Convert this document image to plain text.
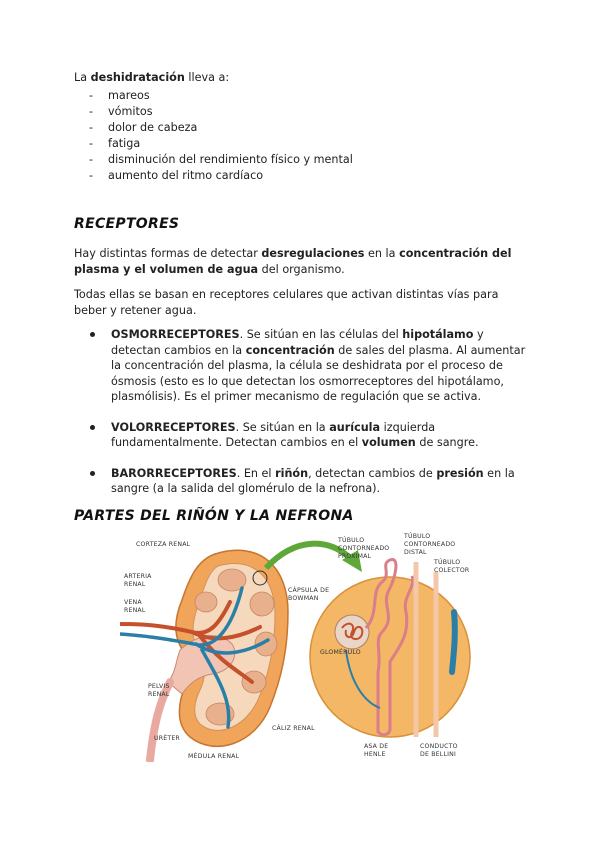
La deshidratación lleva a:

- mareos
- vómitos
- dolor de cabeza
- fatiga
- disminución del rendimiento físico y mental
- aumento del ritmo cardíaco
RECEPTORES

Hay distintas formas de detectar desregulaciones en la concentración del plasma y el volumen de agua del organismo.

Todas ellas se basan en receptores celulares que activan distintas vías para beber y retener agua.

OSMORRECEPTORES. Se sitúan en las células del hipotálamo y detectan cambios en la concentración de sales del plasma. Al aumentar la concentración del plasma, la célula se deshidrata por el proceso de ósmosis (esto es lo que detectan los osmorreceptores del hipotálamo, plasmólisis). Es el primer mecanismo de regulación que se activa.
VOLORRECEPTORES. Se sitúan en la aurícula izquierda fundamentalmente. Detectan cambios en el volumen de sangre.
BARORRECEPTORES. En el riñón, detectan cambios de presión en la sangre (a la salida del glomérulo de la nefrona).
PARTES DEL RIÑÓN Y LA NEFRONA
CORTEZA RENAL
ARTERIA
RENAL
VENA
RENAL
PELVIS
RENAL
URÉTER
MÉDULA RENAL
CÁLIZ RENAL
CÁPSULA DE
BOWMAN
GLOMÉRULO
TÚBULO
CONTORNEADO
PROXIMAL
TÚBULO
CONTORNEADO
DISTAL
TÚBULO
COLECTOR
ASA DE
HENLE
CONDUCTO
DE BELLINI
